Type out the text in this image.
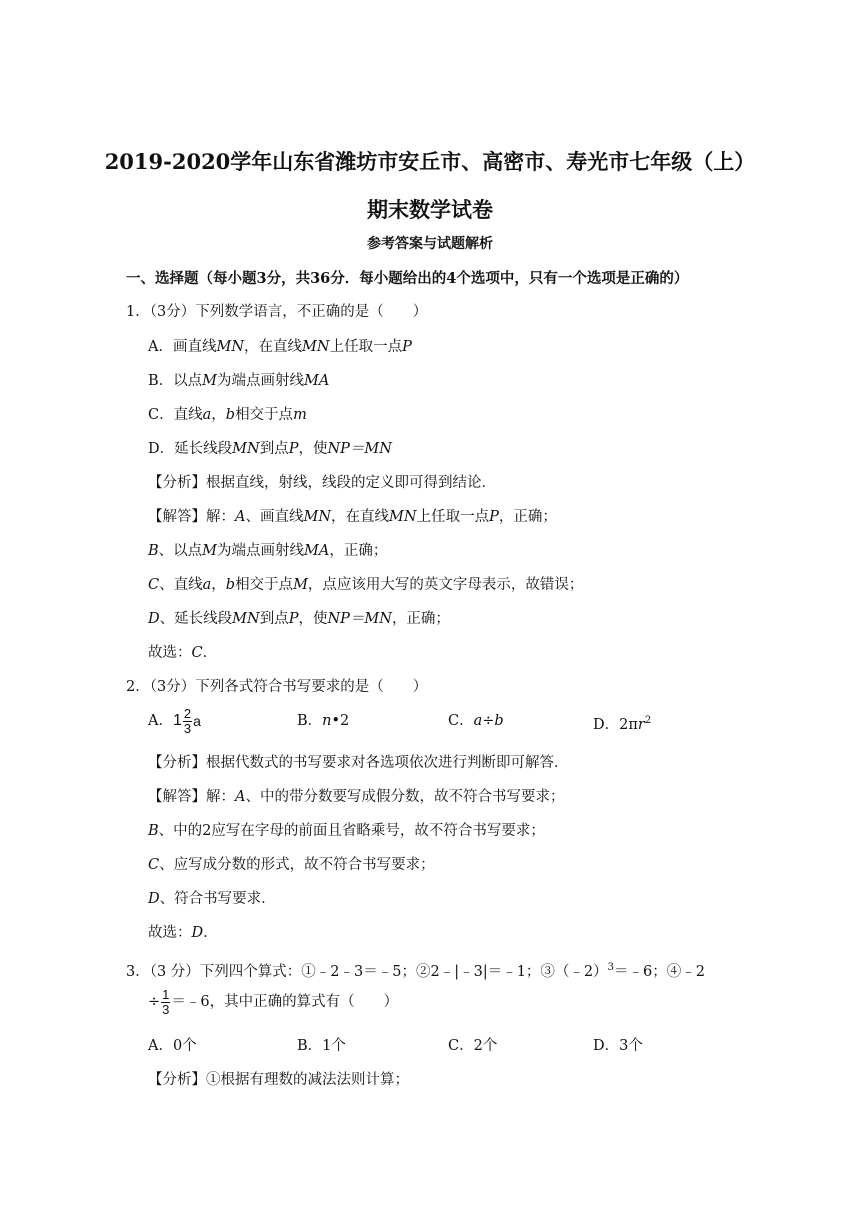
2019-2020学年山东省潍坊市安丘市、高密市、寿光市七年级（上）
期末数学试卷
参考答案与试题解析
一、选择题（每小题3分，共36分．每小题给出的4个选项中，只有一个选项是正确的）
1．（3分）下列数学语言，不正确的是（　　）
A．画直线MN，在直线MN上任取一点P
B．以点M为端点画射线MA
C．直线a，b相交于点m
D．延长线段MN到点P，使NP＝MN
【分析】根据直线，射线，线段的定义即可得到结论．
【解答】解：A、画直线MN，在直线MN上任取一点P，正确；
B、以点M为端点画射线MA，正确；
C、直线a，b相交于点M，点应该用大写的英文字母表示，故错误；
D、延长线段MN到点P，使NP＝MN，正确；
故选：C．
2．（3分）下列各式符合书写要求的是（　　）
A．$1 \frac{2}{3}$ a	B．n•2	C．a÷b	D．$2\pi r^2$
【分析】根据代数式的书写要求对各选项依次进行判断即可解答．
【解答】解：A、中的带分数要写成假分数，故不符合书写要求；
B、中的2应写在字母的前面且省略乘号，故不符合书写要求；
C、应写成分数的形式，故不符合书写要求；
D、符合书写要求．
故选：D．
3．（3 分）下列四个算式：①﹣2﹣3＝﹣5；②2﹣|﹣3|＝﹣1；③（﹣2）$^3$＝﹣6；④﹣2
÷ $\frac{1}{3}$ ＝﹣6，其中正确的算式有（　　）
A．0个	B．1个	C．2个	D．3个
【分析】①根据有理数的减法法则计算；
